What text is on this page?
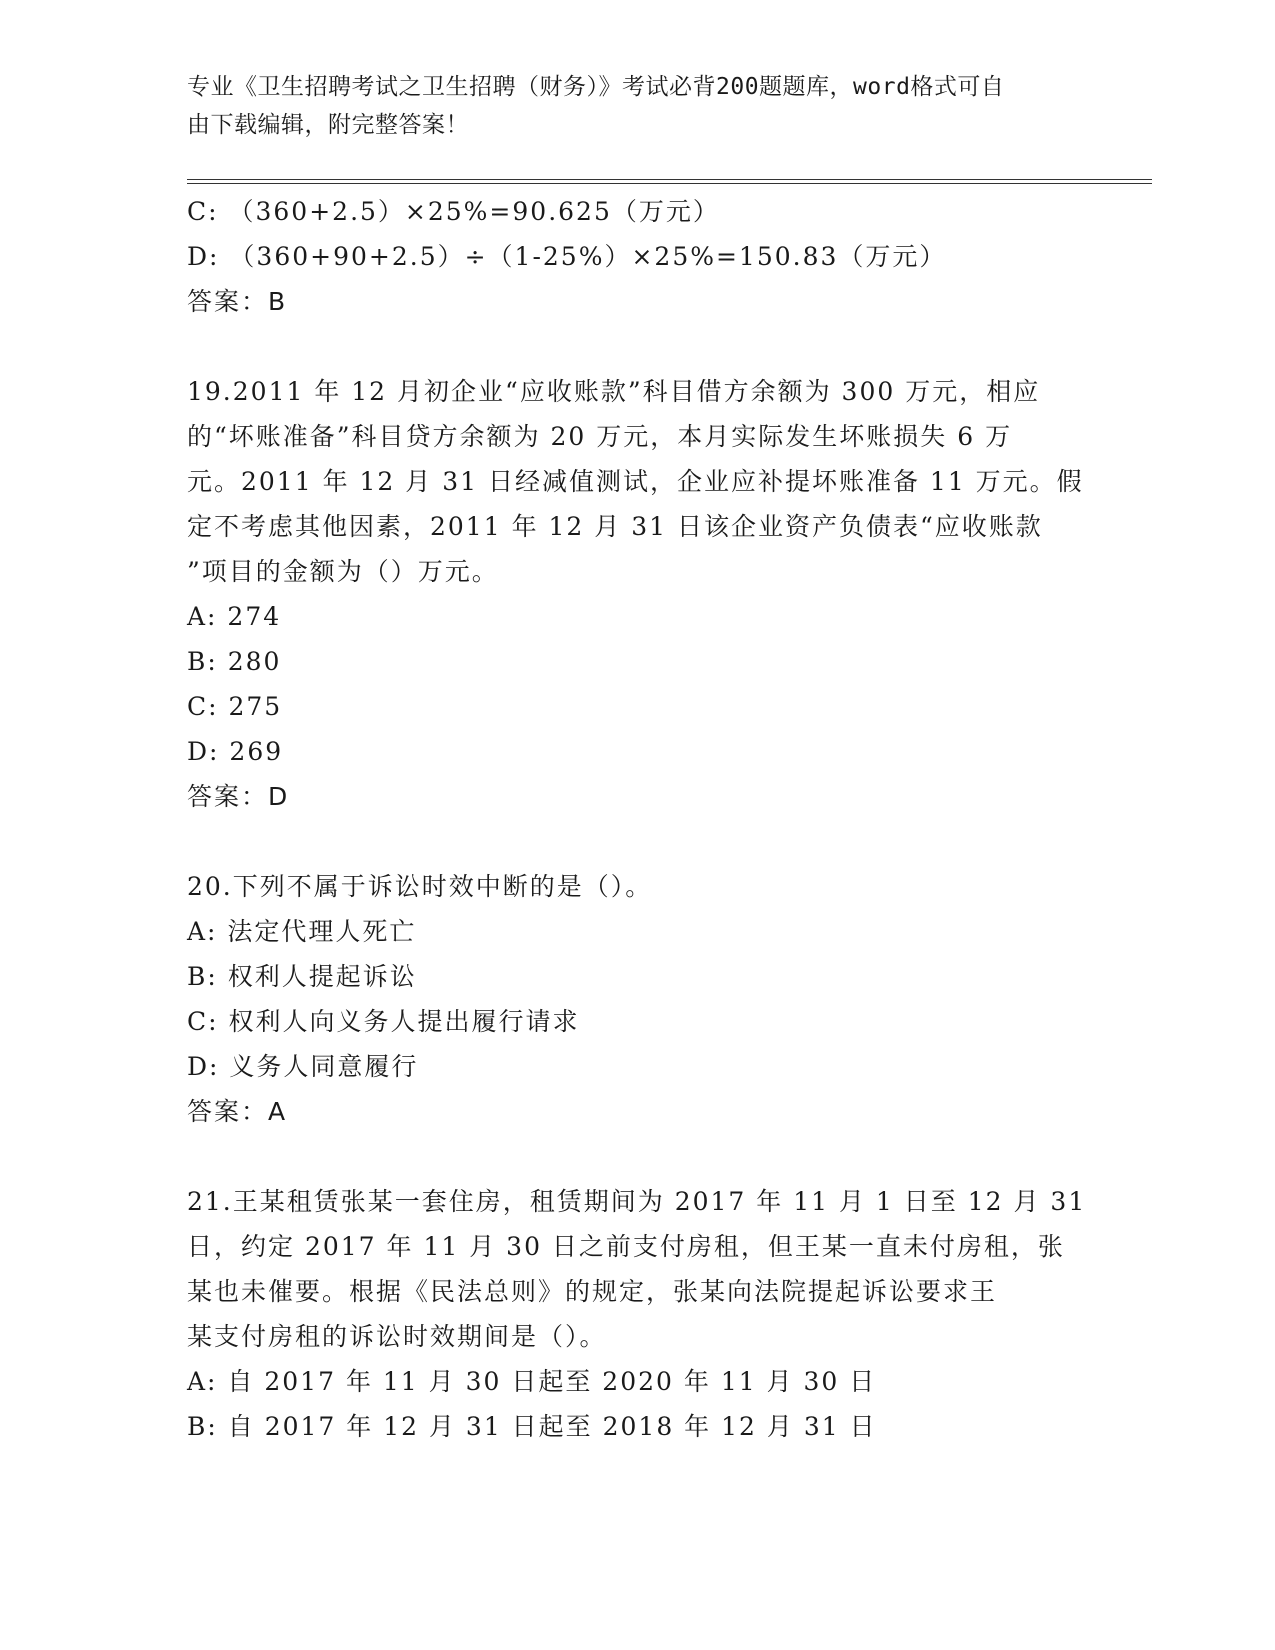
专业《卫生招聘考试之卫生招聘（财务）》考试必背200题题库，word格式可自
由下载编辑，附完整答案！
C: （360+2.5）×25%=90.625（万元）
D: （360+90+2.5）÷（1-25%）×25%=150.83（万元）
答案：B
19.2011 年 12 月初企业“应收账款”科目借方余额为 300 万元，相应
的“坏账准备”科目贷方余额为 20 万元，本月实际发生坏账损失 6 万
元。2011 年 12 月 31 日经减值测试，企业应补提坏账准备 11 万元。假
定不考虑其他因素，2011 年 12 月 31 日该企业资产负债表“应收账款
”项目的金额为（）万元。
A: 274
B: 280
C: 275
D: 269
答案：D
20.下列不属于诉讼时效中断的是（）。
A: 法定代理人死亡
B: 权利人提起诉讼
C: 权利人向义务人提出履行请求
D: 义务人同意履行
答案：A
21.王某租赁张某一套住房，租赁期间为 2017 年 11 月 1 日至 12 月 31
日，约定 2017 年 11 月 30 日之前支付房租，但王某一直未付房租，张
某也未催要。根据《民法总则》的规定，张某向法院提起诉讼要求王
某支付房租的诉讼时效期间是（）。
A: 自 2017 年 11 月 30 日起至 2020 年 11 月 30 日
B: 自 2017 年 12 月 31 日起至 2018 年 12 月 31 日
